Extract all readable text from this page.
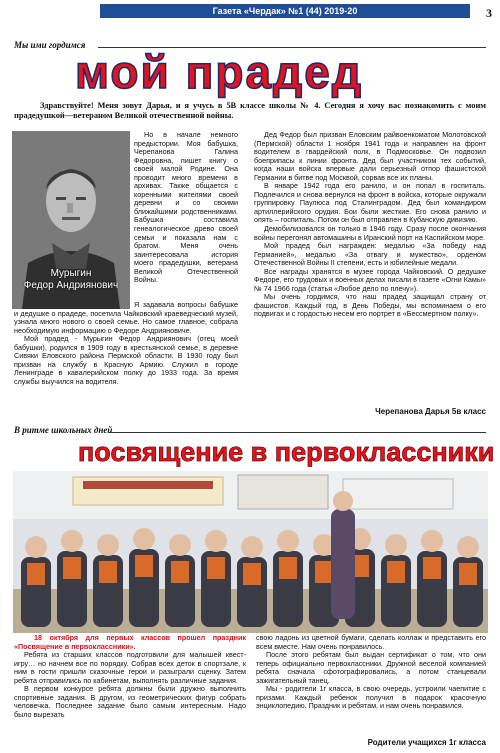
Газета «Чердак» №1 (44) 2019-20	3
Мы ими гордимся
мой прадед
Здравствуйте! Меня зовут Дарья, и я учусь в 5В классе школы № 4. Сегодня я хочу вас познакомить с моим прадедушкой—ветераном Великой отечественной войны.
Мурыгин
Федор Андриянович

Но в начале немного предыстории. Моя бабушка, Черепанова Галина Федоровна, пишет книгу о своей малой Родине. Она проводит много времени в архивах. Также общается с коренными жителями своей деревни и со своими ближайшими родственниками. Бабушка составила генеалогическое древо своей семьи и показала нам с братом. Меня очень заинтересовала история моего прадедушки, ветерана Великой Отечественной Войны.

Я задавала вопросы бабушке и дедушке о прадеде, посетила Чайковский краеведческий музей, узнала много нового о своей семье. Но самое главное, собрала необходимую информацию о Федоре Андрияновиче.

Мой прадед - Мурыгин Федор Андриянович (отец моей бабушки), родился в 1909 году в крестьянской семье, в деревне Сивяки Еловского района Пермской области. В 1930 году был призван на службу в Красную Армию. Служил в городе Ленинграде в кавалерийском полку до 1933 года. За время службы выучился на водителя.

Дед Федор был призван Еловским райвоенкоматом Молотовской (Пермской) области 1 ноября 1941 года и направлен на фронт водителем в гвардейский полк, в Подмосковье. Он подвозил боеприпасы к линии фронта. Дед был участником тех событий, когда наши войска впервые дали серьезный отпор фашистской Германии в битве под Москвой, сорвав все их планы.

В январе 1942 года его ранило, и он попал в госпиталь. Подлечился и снова вернулся на фронт в войска, которые окружали группировку Паулюса под Сталинградом. Дед был командиром артиллерийского орудия. Бои были жесткие. Его снова ранило и опять – госпиталь. Потом он был отправлен в Кубанскую дивизию.

Демобилизовался он только в 1946 году. Сразу после окончания войны перегонял автомашины в Иранский порт на Каспийском море.

Мой прадед был награжден: медалью «За победу над Германией», медалью «За отвагу и мужество», орденом Отечественной Войны II степени, есть и юбилейные медали.

Все награды хранятся в музее города Чайковский. О дедушке Федоре, его трудовых и военных делах писали в газете «Огни Камы» № 74 1966 года (статья «Любое дело по плечу»).

Мы очень гордимся, что наш прадед защищал страну от фашистов. Каждый год, в День Победы, мы вспоминаем о его подвигах и с гордостью несем его портрет в «Бессмертном полку».

Черепанова Дарья 5в класс
В ритме школьных дней
посвящение в первоклассники

18 октября для первых классов прошел праздник «Посвящение в первоклассники».

Ребята из старших классов подготовили для малышей квест-игру… но начнем все по порядку. Собрав всех деток в спортзале, к ним в гости пришли сказочные герои и разыграли сценку. Затем ребята отправились по кабинетам, выполнять различные задания.

В первом конкурсе ребята должны были дружно выполнить спортивные задания. В другом, из геометрических фигур собрать человечка. Последнее задание было самым интересным. Надо было вырезать

свою ладонь из цветной бумаги, сделать коллаж и представить его всем вместе. Нам очень понравилось.

После этого ребятам был выдан сертификат о том, что они теперь официально первоклассники. Дружной веселой компанией ребята сначала сфотографировались, а потом станцевали зажигательный танец.

Мы - родители 1г класса, в свою очередь, устроили чаепитие с призами. Каждый ребенок получил в подарок красочную энциклопедию. Праздник и ребятам, и нам очень понравился.

Родители учащихся 1г класса
